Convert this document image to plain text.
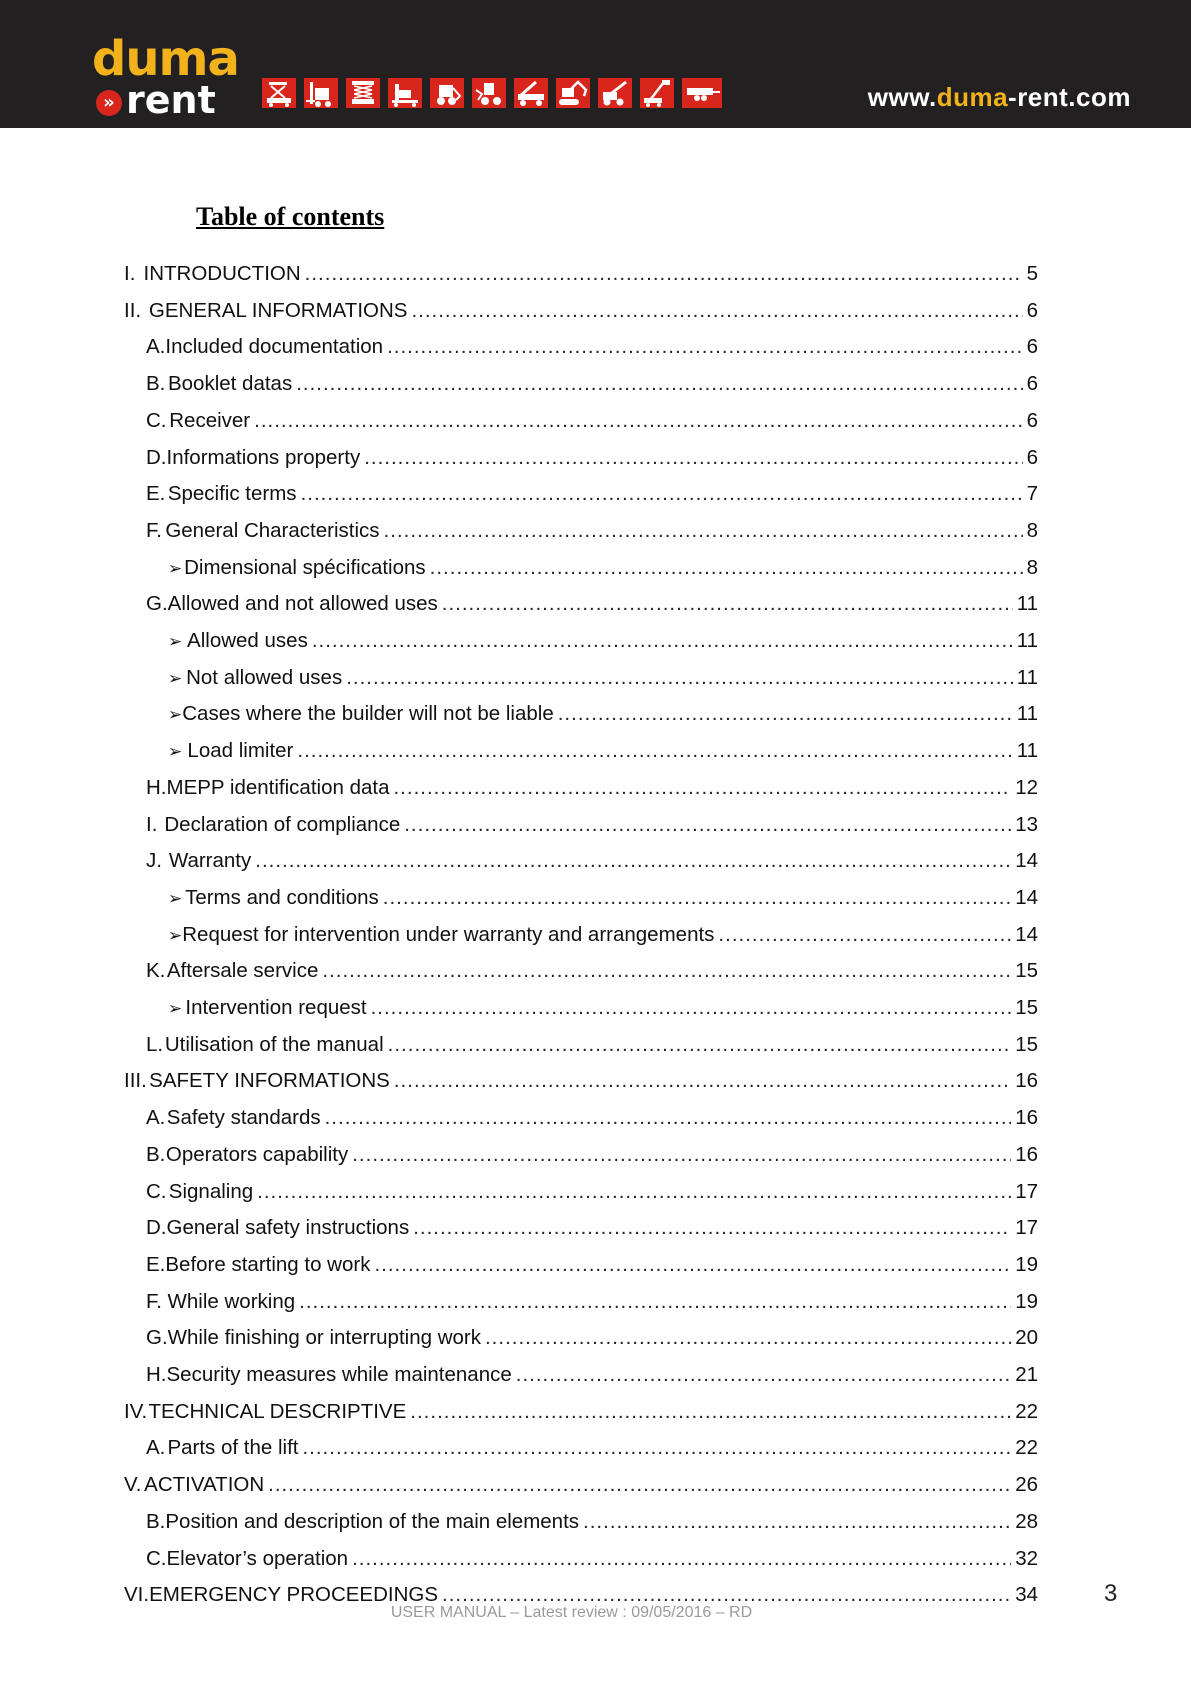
duma
» rent	www.duma-rent.com
Table of contents
I. INTRODUCTION .....	5
II. GENERAL INFORMATIONS .....	6
A. Included documentation .....	6
B. Booklet datas .....	6
C. Receiver .....	6
D. Informations property .....	6
E. Specific terms .....	7
F. General Characteristics .....	8
➢ Dimensional spécifications .....	8
G. Allowed and not allowed uses .....	11
➢ Allowed uses .....	11
➢ Not allowed uses .....	11
➢ Cases where the builder will not be liable .....	11
➢ Load limiter .....	11
H. MEPP identification data .....	12
I. Declaration of compliance .....	13
J. Warranty .....	14
➢ Terms and conditions .....	14
➢ Request for intervention under warranty and arrangements .....	14
K. Aftersale service .....	15
➢ Intervention request .....	15
L. Utilisation of the manual .....	15
III. SAFETY INFORMATIONS .....	16
A. Safety standards .....	16
B. Operators capability .....	16
C. Signaling .....	17
D. General safety instructions .....	17
E. Before starting to work .....	19
F. While working .....	19
G. While finishing or interrupting work .....	20
H. Security measures while maintenance .....	21
IV. TECHNICAL DESCRIPTIVE .....	22
A. Parts of the lift .....	22
V. ACTIVATION .....	26
B. Position and description of the main elements .....	28
C. Elevator’s operation .....	32
VI. EMERGENCY PROCEEDINGS .....	34
USER MANUAL – Latest review : 09/05/2016 – RD
3
